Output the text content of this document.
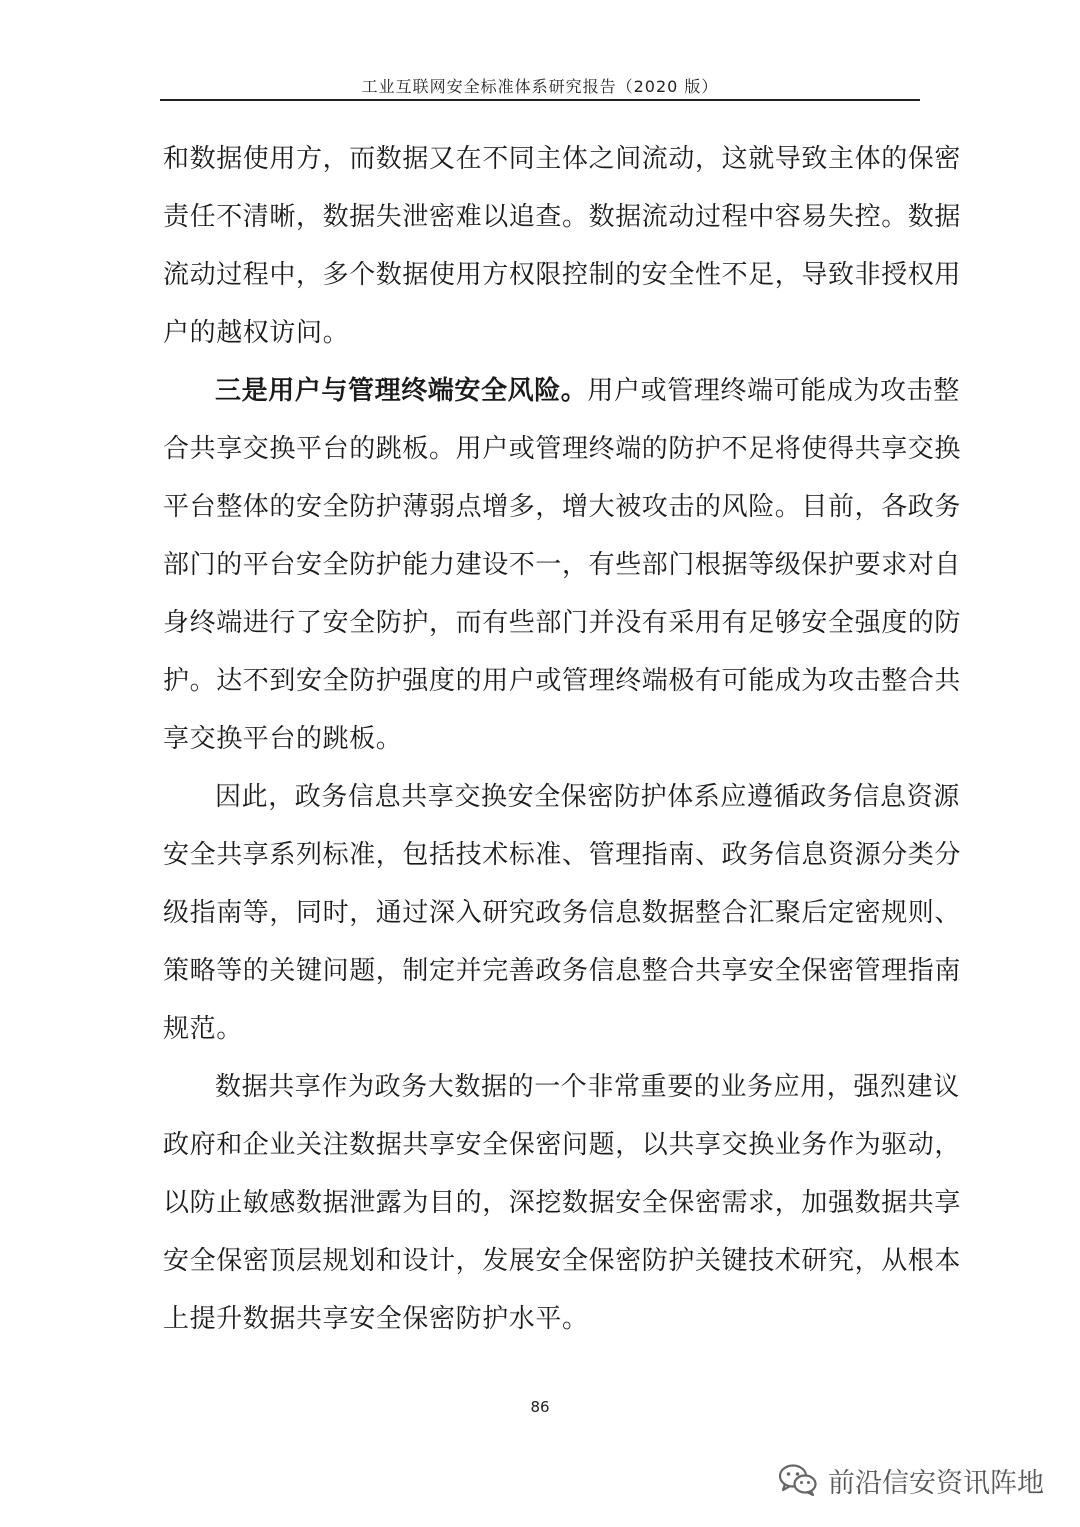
工业互联网安全标准体系研究报告（2020 版）
和数据使用方，而数据又在不同主体之间流动，这就导致主体的保密
责任不清晰，数据失泄密难以追查。数据流动过程中容易失控。数据
流动过程中，多个数据使用方权限控制的安全性不足，导致非授权用
户的越权访问。
三是用户与管理终端安全风险。用户或管理终端可能成为攻击整
合共享交换平台的跳板。用户或管理终端的防护不足将使得共享交换
平台整体的安全防护薄弱点增多，增大被攻击的风险。目前，各政务
部门的平台安全防护能力建设不一，有些部门根据等级保护要求对自
身终端进行了安全防护，而有些部门并没有采用有足够安全强度的防
护。达不到安全防护强度的用户或管理终端极有可能成为攻击整合共
享交换平台的跳板。
因此，政务信息共享交换安全保密防护体系应遵循政务信息资源
安全共享系列标准，包括技术标准、管理指南、政务信息资源分类分
级指南等，同时，通过深入研究政务信息数据整合汇聚后定密规则、
策略等的关键问题，制定并完善政务信息整合共享安全保密管理指南
规范。
数据共享作为政务大数据的一个非常重要的业务应用，强烈建议
政府和企业关注数据共享安全保密问题，以共享交换业务作为驱动，
以防止敏感数据泄露为目的，深挖数据安全保密需求，加强数据共享
安全保密顶层规划和设计，发展安全保密防护关键技术研究，从根本
上提升数据共享安全保密防护水平。
86
前沿信安资讯阵地
